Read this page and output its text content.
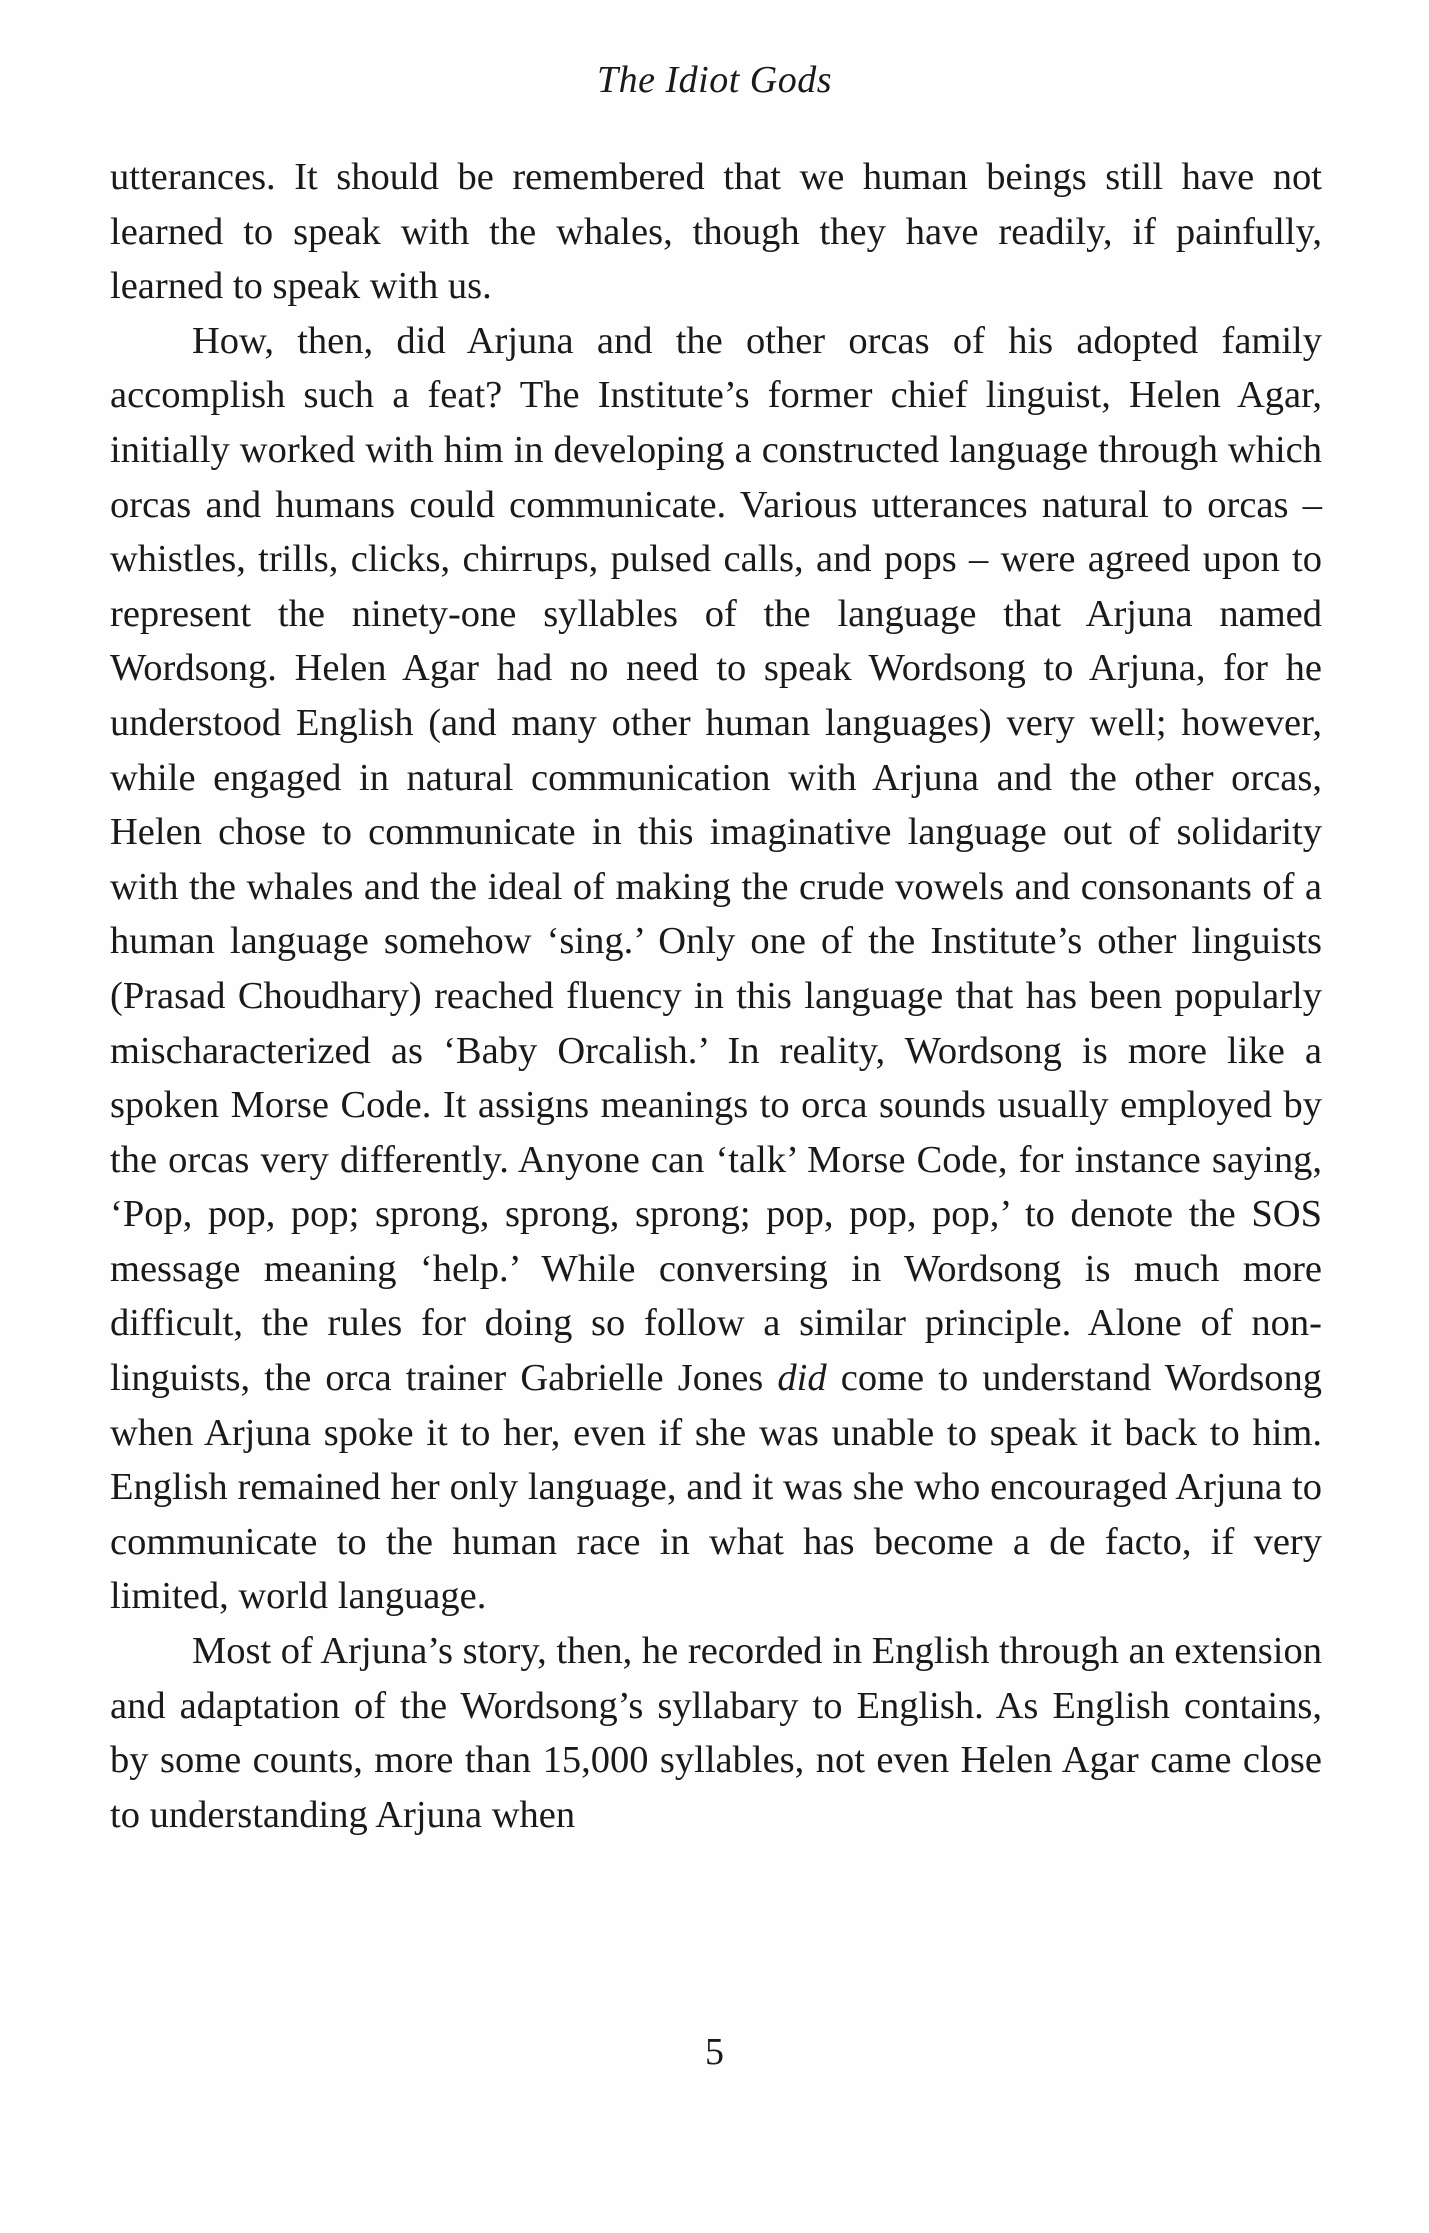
The Idiot Gods

utterances. It should be remembered that we human beings still have not learned to speak with the whales, though they have readily, if painfully, learned to speak with us.

How, then, did Arjuna and the other orcas of his adopted family accomplish such a feat? The Institute’s former chief linguist, Helen Agar, initially worked with him in developing a constructed language through which orcas and humans could communicate. Various utterances natural to orcas – whistles, trills, clicks, chirrups, pulsed calls, and pops – were agreed upon to represent the ninety-one syllables of the language that Arjuna named Wordsong. Helen Agar had no need to speak Wordsong to Arjuna, for he understood English (and many other human languages) very well; however, while engaged in natural communication with Arjuna and the other orcas, Helen chose to communicate in this imaginative language out of solidarity with the whales and the ideal of making the crude vowels and consonants of a human language somehow ‘sing.’ Only one of the Institute’s other linguists (Prasad Choudhary) reached fluency in this language that has been popularly mischaracterized as ‘Baby Orcalish.’ In reality, Wordsong is more like a spoken Morse Code. It assigns meanings to orca sounds usually employed by the orcas very differently. Anyone can ‘talk’ Morse Code, for instance saying, ‘Pop, pop, pop; sprong, sprong, sprong; pop, pop, pop,’ to denote the SOS message meaning ‘help.’ While conversing in Wordsong is much more difficult, the rules for doing so follow a similar principle. Alone of non-linguists, the orca trainer Gabrielle Jones did come to understand Wordsong when Arjuna spoke it to her, even if she was unable to speak it back to him. English remained her only language, and it was she who encouraged Arjuna to communicate to the human race in what has become a de facto, if very limited, world language.

Most of Arjuna’s story, then, he recorded in English through an extension and adaptation of the Wordsong’s syllabary to English. As English contains, by some counts, more than 15,000 syllables, not even Helen Agar came close to understanding Arjuna when

5
